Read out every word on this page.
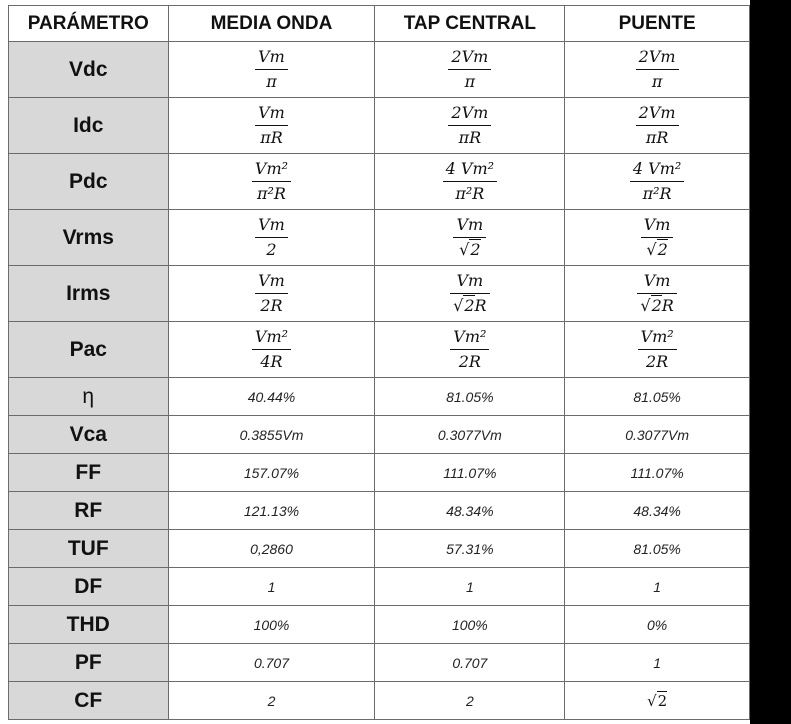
PARÁMETRO	MEDIA ONDA	TAP CENTRAL	PUENTE
Vdc	$\frac{Vm}{\pi}$	$\frac{2Vm}{\pi}$	$\frac{2Vm}{\pi}$

Idc	$\frac{Vm}{\pi R}$	$\frac{2Vm}{\pi R}$	$\frac{2Vm}{\pi R}$

Pdc	$\frac{\text{Vm²}}{\text{π²R}}$	$\frac{\text{4 Vm²}}{\text{π²R}}$	$\frac{\text{4 Vm²}}{\text{π²R}}$

Vrms	$\frac{Vm}{2}$	$\frac{Vm}{√2}$	$\frac{Vm}{√2}$

Irms	$\frac{Vm}{2R}$	$\frac{Vm}{√2R}$	$\frac{Vm}{√2R}$

Pac	$\frac{\text{Vm²}}{4R}$	$\frac{\text{Vm²}}{2R}$	$\frac{\text{Vm²}}{2R}$

η	40.44%	81.05%	81.05%
Vca	0.3855Vm	0.3077Vm	0.3077Vm
FF	157.07%	111.07%	111.07%
RF	121.13%	48.34%	48.34%
TUF	0,2860	57.31%	81.05%
DF	1	1	1
THD	100%	100%	0%
PF	0.707	0.707	1
CF	2	2	√2
